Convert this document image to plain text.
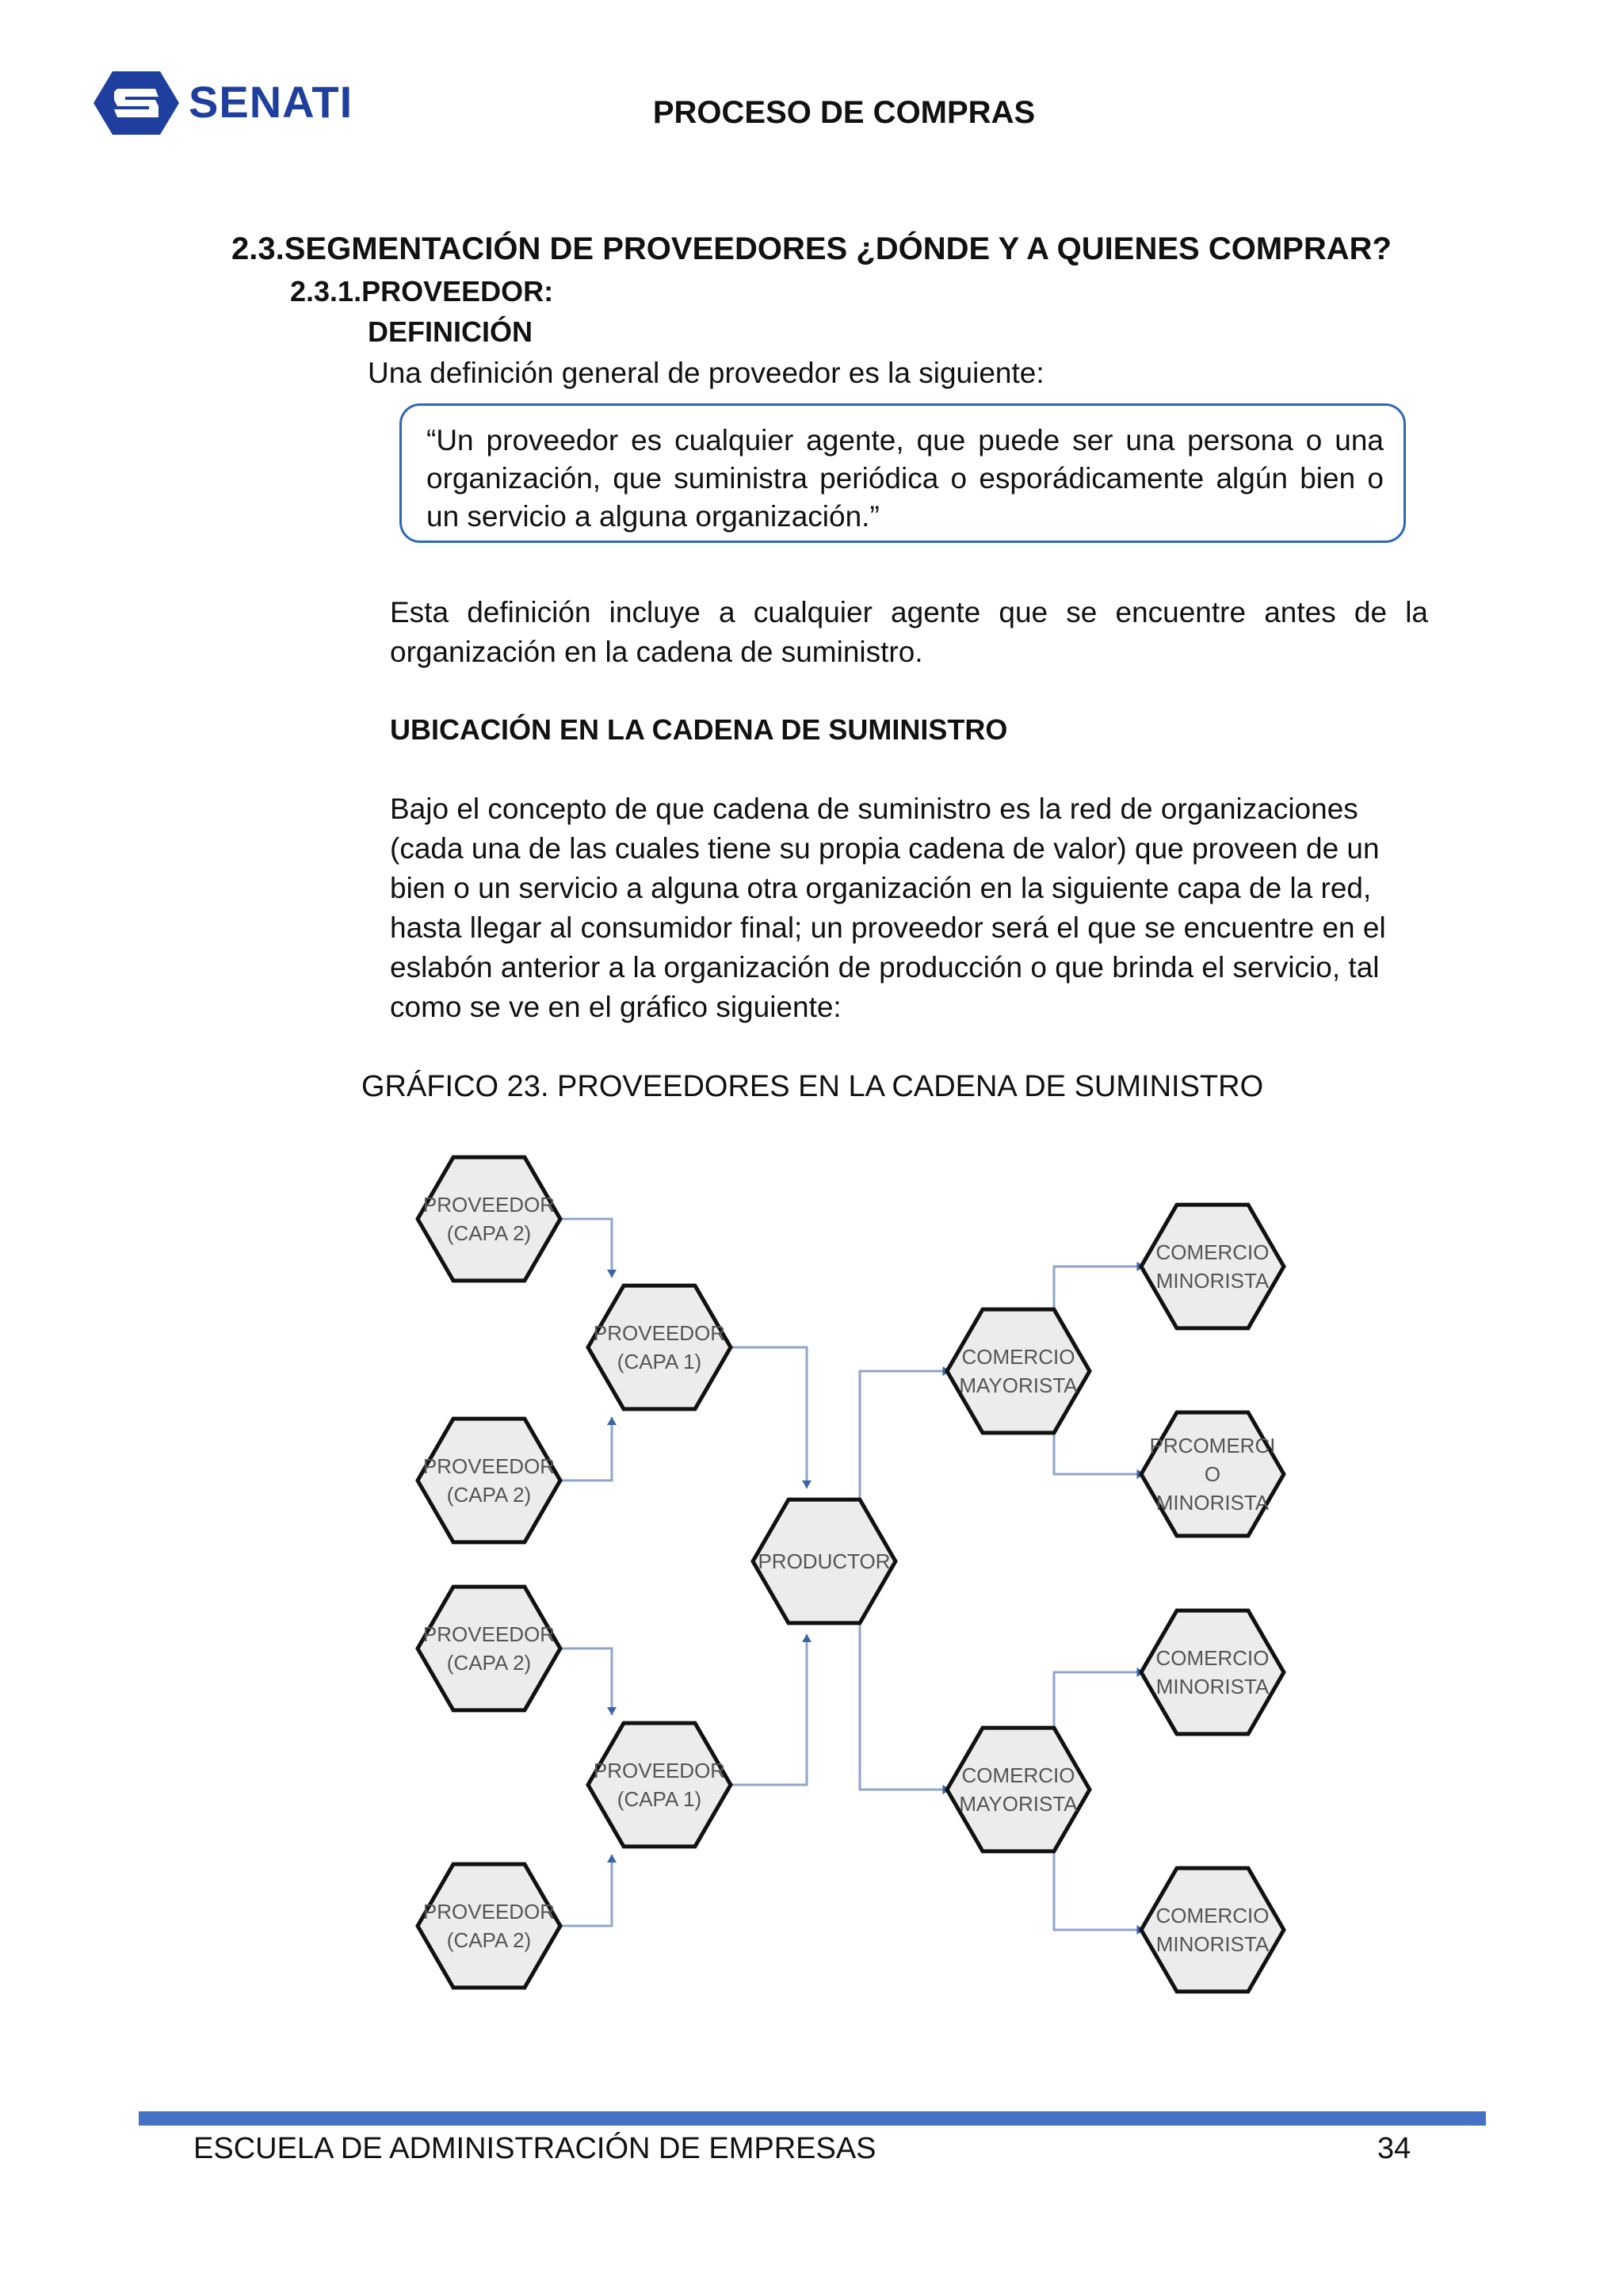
SENATI	PROCESO DE COMPRAS
2.3.SEGMENTACIÓN DE PROVEEDORES ¿DÓNDE Y A QUIENES COMPRAR?
2.3.1.PROVEEDOR:
DEFINICIÓN
Una definición general de proveedor es la siguiente:
“Un proveedor es cualquier agente, que puede ser una persona o una organización, que suministra periódica o esporádicamente algún bien o un servicio a alguna organización.”
Esta definición incluye a cualquier agente que se encuentre antes de la organización en la cadena de suministro.
UBICACIÓN EN LA CADENA DE SUMINISTRO
Bajo el concepto de que cadena de suministro es la red de organizaciones (cada una de las cuales tiene su propia cadena de valor) que proveen de un bien o un servicio a alguna otra organización en la siguiente capa de la red, hasta llegar al consumidor final; un proveedor será el que se encuentre en el eslabón anterior a la organización de producción o que brinda el servicio, tal como se ve en el gráfico siguiente:
GRÁFICO 23. PROVEEDORES EN LA CADENA DE SUMINISTRO
PROVEEDOR
(CAPA 2)
PROVEEDOR
(CAPA 1)
PROVEEDOR
(CAPA 2)
PROVEEDOR
(CAPA 2)
PROVEEDOR
(CAPA 1)
PROVEEDOR
(CAPA 2)
PRODUCTOR
COMERCIO
MAYORISTA
COMERCIO
MAYORISTA
COMERCIO
MINORISTA
PRCOMERCI
O
MINORISTA
COMERCIO
MINORISTA
COMERCIO
MINORISTA
ESCUELA DE ADMINISTRACIÓN DE EMPRESAS	34
